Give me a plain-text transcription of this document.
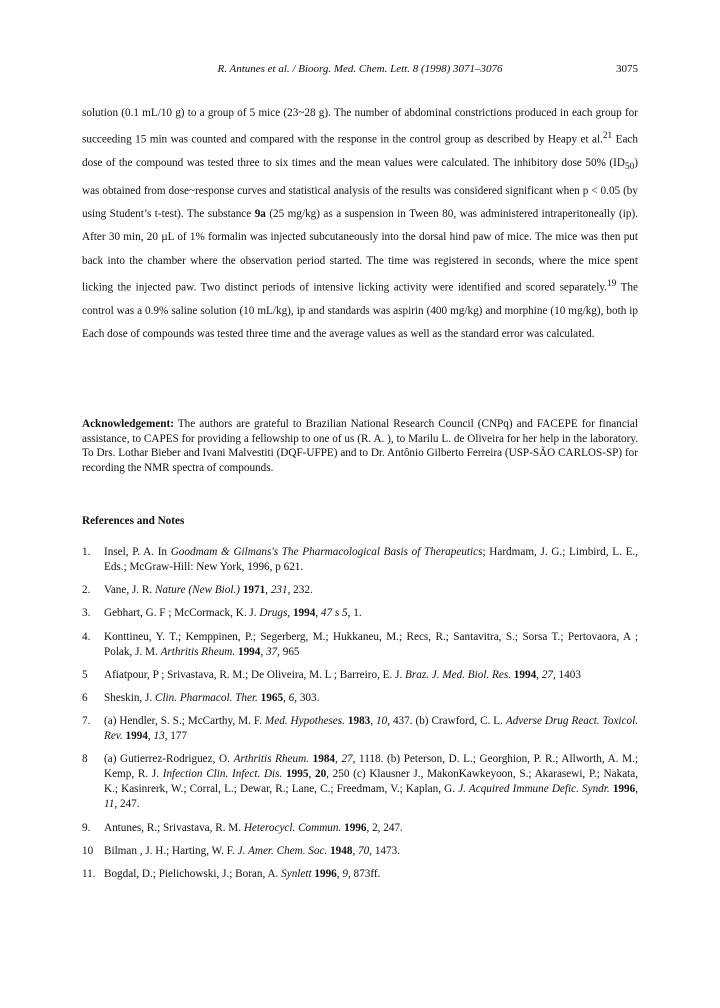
R. Antunes et al. / Bioorg. Med. Chem. Lett. 8 (1998) 3071–3076	3075
solution (0.1 mL/10 g) to a group of 5 mice (23~28 g). The number of abdominal constrictions produced in each group for succeeding 15 min was counted and compared with the response in the control group as described by Heapy et al.$^{21}$ Each dose of the compound was tested three to six times and the mean values were calculated. The inhibitory dose 50% $(ID_{50})$ was obtained from dose~response curves and statistical analysis of the results was considered significant when p < 0.05 (by using Student’s t-test). The substance 9a (25 mg/kg) as a suspension in Tween 80, was administered intraperitoneally (ip). After 30 min, 20 µL of 1% formalin was injected subcutaneously into the dorsal hind paw of mice. The mice was then put back into the chamber where the observation period started. The time was registered in seconds, where the mice spent licking the injected paw. Two distinct periods of intensive licking activity were identified and scored separately.$^{19}$ The control was a 0.9% saline solution (10 mL/kg), ip and standards was aspirin (400 mg/kg) and morphine (10 mg/kg), both ip Each dose of compounds was tested three time and the average values as well as the standard error was calculated.
Acknowledgement: The authors are grateful to Brazilian National Research Council (CNPq) and FACEPE for financial assistance, to CAPES for providing a fellowship to one of us (R. A. ), to Marilu L. de Oliveira for her help in the laboratory. To Drs. Lothar Bieber and Ivani Malvestiti (DQF-UFPE) and to Dr. Antônio Gilberto Ferreira (USP-SÃO CARLOS-SP) for recording the NMR spectra of compounds.
References and Notes
1. Insel, P. A. In Goodmam & Gilmans's The Pharmacological Basis of Therapeutics; Hardmam, J. G.; Limbird, L. E., Eds.; McGraw-Hill: New York, 1996, p 621.
2. Vane, J. R. Nature (New Biol.) 1971, 231, 232.
3. Gebhart, G. F ; McCormack, K. J. Drugs, 1994, 47 s 5, 1.
4. Konttineu, Y. T.; Kemppinen, P.; Segerberg, M.; Hukkaneu, M.; Recs, R.; Santavitra, S.; Sorsa T.; Pertovaora, A ; Polak, J. M. Arthritis Rheum. 1994, 37, 965
5 Afiatpour, P ; Srivastava, R. M.; De Oliveira, M. L ; Barreiro, E. J. Braz. J. Med. Biol. Res. 1994, 27, 1403
6 Sheskin, J. Clin. Pharmacol. Ther. 1965, 6, 303.
7. (a) Hendler, S. S.; McCarthy, M. F. Med. Hypotheses. 1983, 10, 437. (b) Crawford, C. L. Adverse Drug React. Toxicol. Rev. 1994, 13, 177
8 (a) Gutierrez-Rodriguez, O. Arthritis Rheum. 1984, 27, 1118. (b) Peterson, D. L.; Georghion, P. R.; Allworth, A. M.; Kemp, R. J. Infection Clin. Infect. Dis. 1995, 20, 250 (c) Klausner J., MakonKawkeyoon, S.; Akarasewi, P.; Nakata, K.; Kasinrerk, W.; Corral, L.; Dewar, R.; Lane, C.; Freedmam, V.; Kaplan, G. J. Acquired Immune Defic. Syndr. 1996, 11, 247.
9. Antunes, R.; Srivastava, R. M. Heterocycl. Commun. 1996, 2, 247.
10 Bilman , J. H.; Harting, W. F. J. Amer. Chem. Soc. 1948, 70, 1473.
11. Bogdal, D.; Pielichowski, J.; Boran, A. Synlett 1996, 9, 873ff.
